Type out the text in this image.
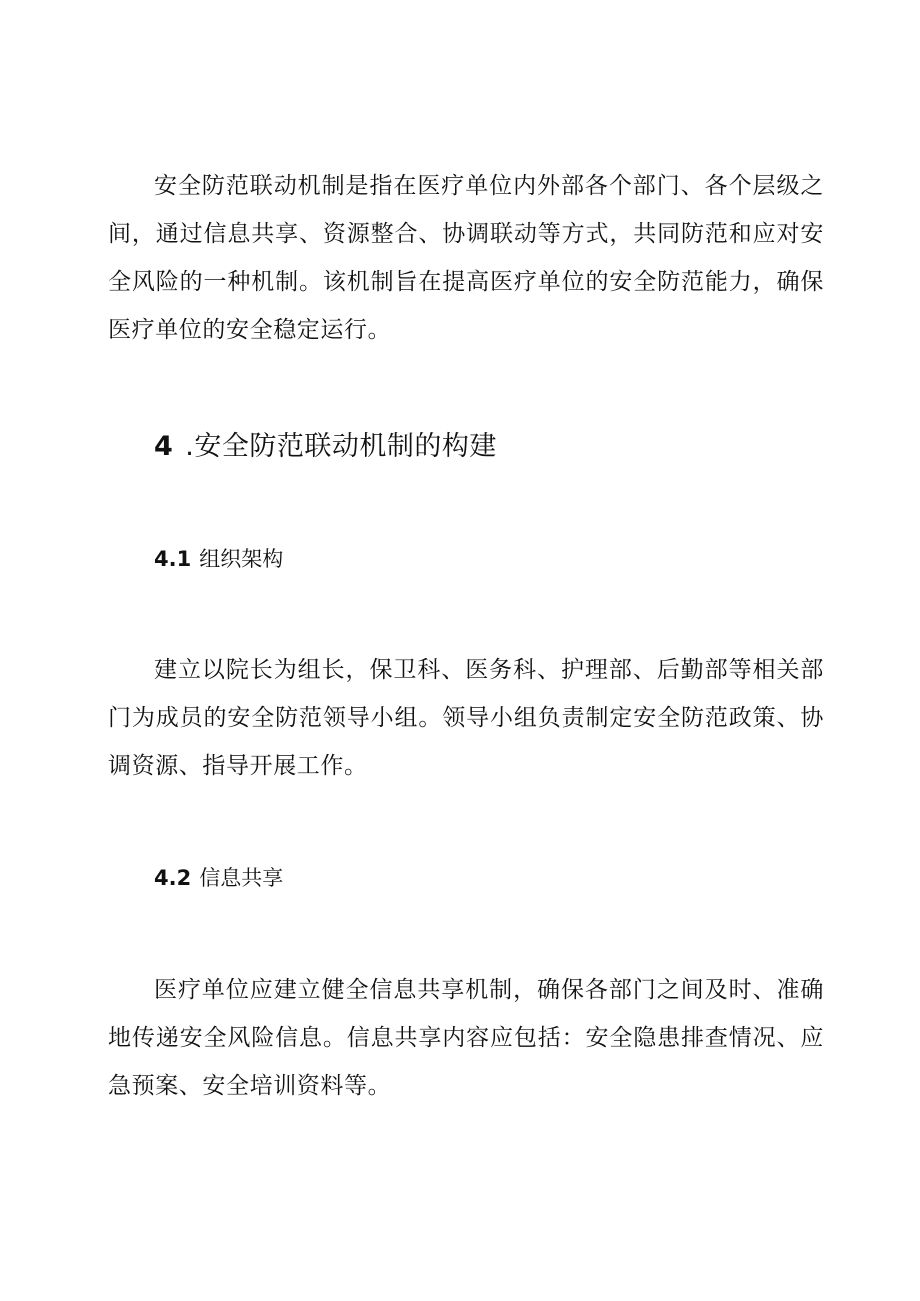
安全防范联动机制是指在医疗单位内外部各个部门、各个层级之间，通过信息共享、资源整合、协调联动等方式，共同防范和应对安全风险的一种机制。该机制旨在提高医疗单位的安全防范能力，确保医疗单位的安全稳定运行。

4 .安全防范联动机制的构建
4.1 组织架构

建立以院长为组长，保卫科、医务科、护理部、后勤部等相关部门为成员的安全防范领导小组。领导小组负责制定安全防范政策、协调资源、指导开展工作。

4.2 信息共享

医疗单位应建立健全信息共享机制，确保各部门之间及时、准确地传递安全风险信息。信息共享内容应包括：安全隐患排查情况、应急预案、安全培训资料等。
